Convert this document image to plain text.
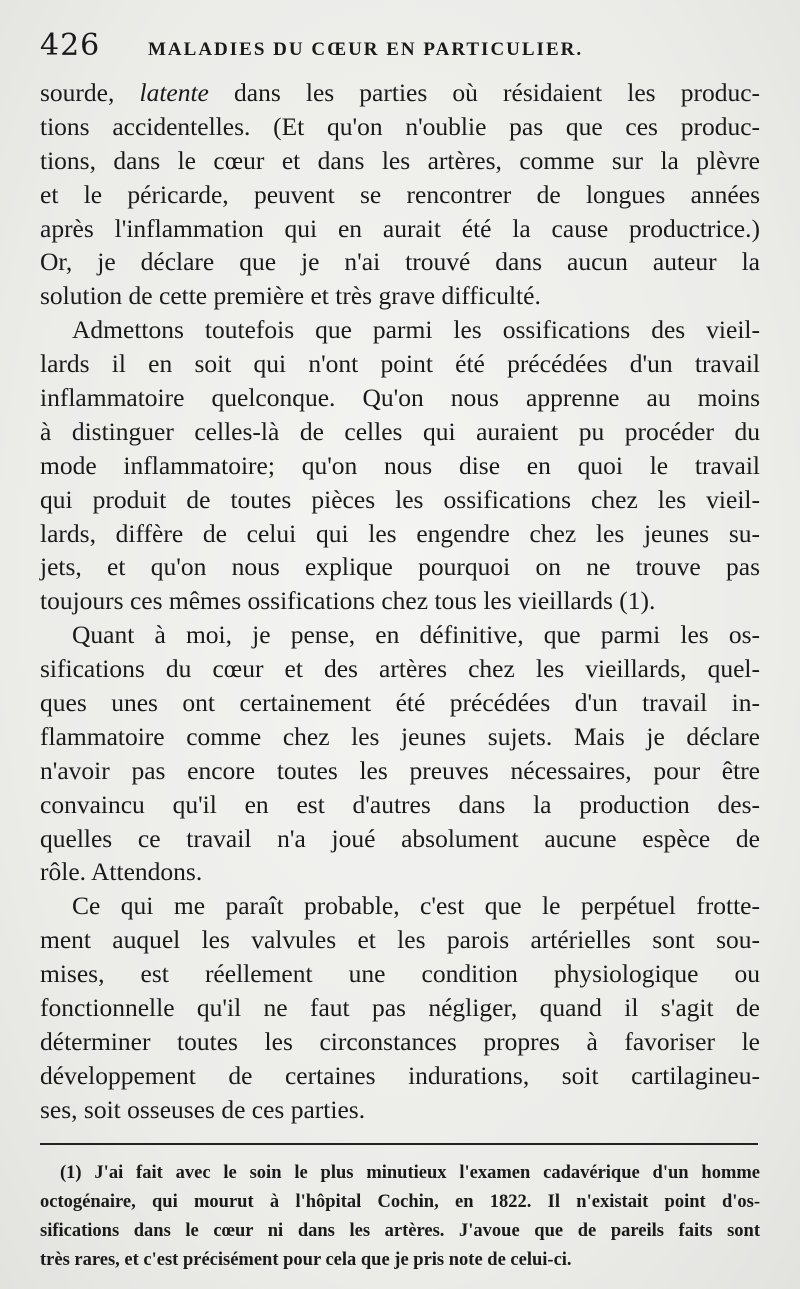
426	MALADIES DU CŒUR EN PARTICULIER.
sourde, latente dans les parties où résidaient les produc-
tions accidentelles. (Et qu'on n'oublie pas que ces produc-
tions, dans le cœur et dans les artères, comme sur la plèvre
et le péricarde, peuvent se rencontrer de longues années
après l'inflammation qui en aurait été la cause productrice.)
Or, je déclare que je n'ai trouvé dans aucun auteur la
solution de cette première et très grave difficulté.
Admettons toutefois que parmi les ossifications des vieil-
lards il en soit qui n'ont point été précédées d'un travail
inflammatoire quelconque. Qu'on nous apprenne au moins
à distinguer celles-là de celles qui auraient pu procéder du
mode inflammatoire; qu'on nous dise en quoi le travail
qui produit de toutes pièces les ossifications chez les vieil-
lards, diffère de celui qui les engendre chez les jeunes su-
jets, et qu'on nous explique pourquoi on ne trouve pas
toujours ces mêmes ossifications chez tous les vieillards (1).
Quant à moi, je pense, en définitive, que parmi les os-
sifications du cœur et des artères chez les vieillards, quel-
ques unes ont certainement été précédées d'un travail in-
flammatoire comme chez les jeunes sujets. Mais je déclare
n'avoir pas encore toutes les preuves nécessaires, pour être
convaincu qu'il en est d'autres dans la production des-
quelles ce travail n'a joué absolument aucune espèce de
rôle. Attendons.
Ce qui me paraît probable, c'est que le perpétuel frotte-
ment auquel les valvules et les parois artérielles sont sou-
mises, est réellement une condition physiologique ou
fonctionnelle qu'il ne faut pas négliger, quand il s'agit de
déterminer toutes les circonstances propres à favoriser le
développement de certaines indurations, soit cartilagineu-
ses, soit osseuses de ces parties.
(1) J'ai fait avec le soin le plus minutieux l'examen cadavérique d'un homme
octogénaire, qui mourut à l'hôpital Cochin, en 1822. Il n'existait point d'os-
sifications dans le cœur ni dans les artères. J'avoue que de pareils faits sont
très rares, et c'est précisément pour cela que je pris note de celui-ci.
